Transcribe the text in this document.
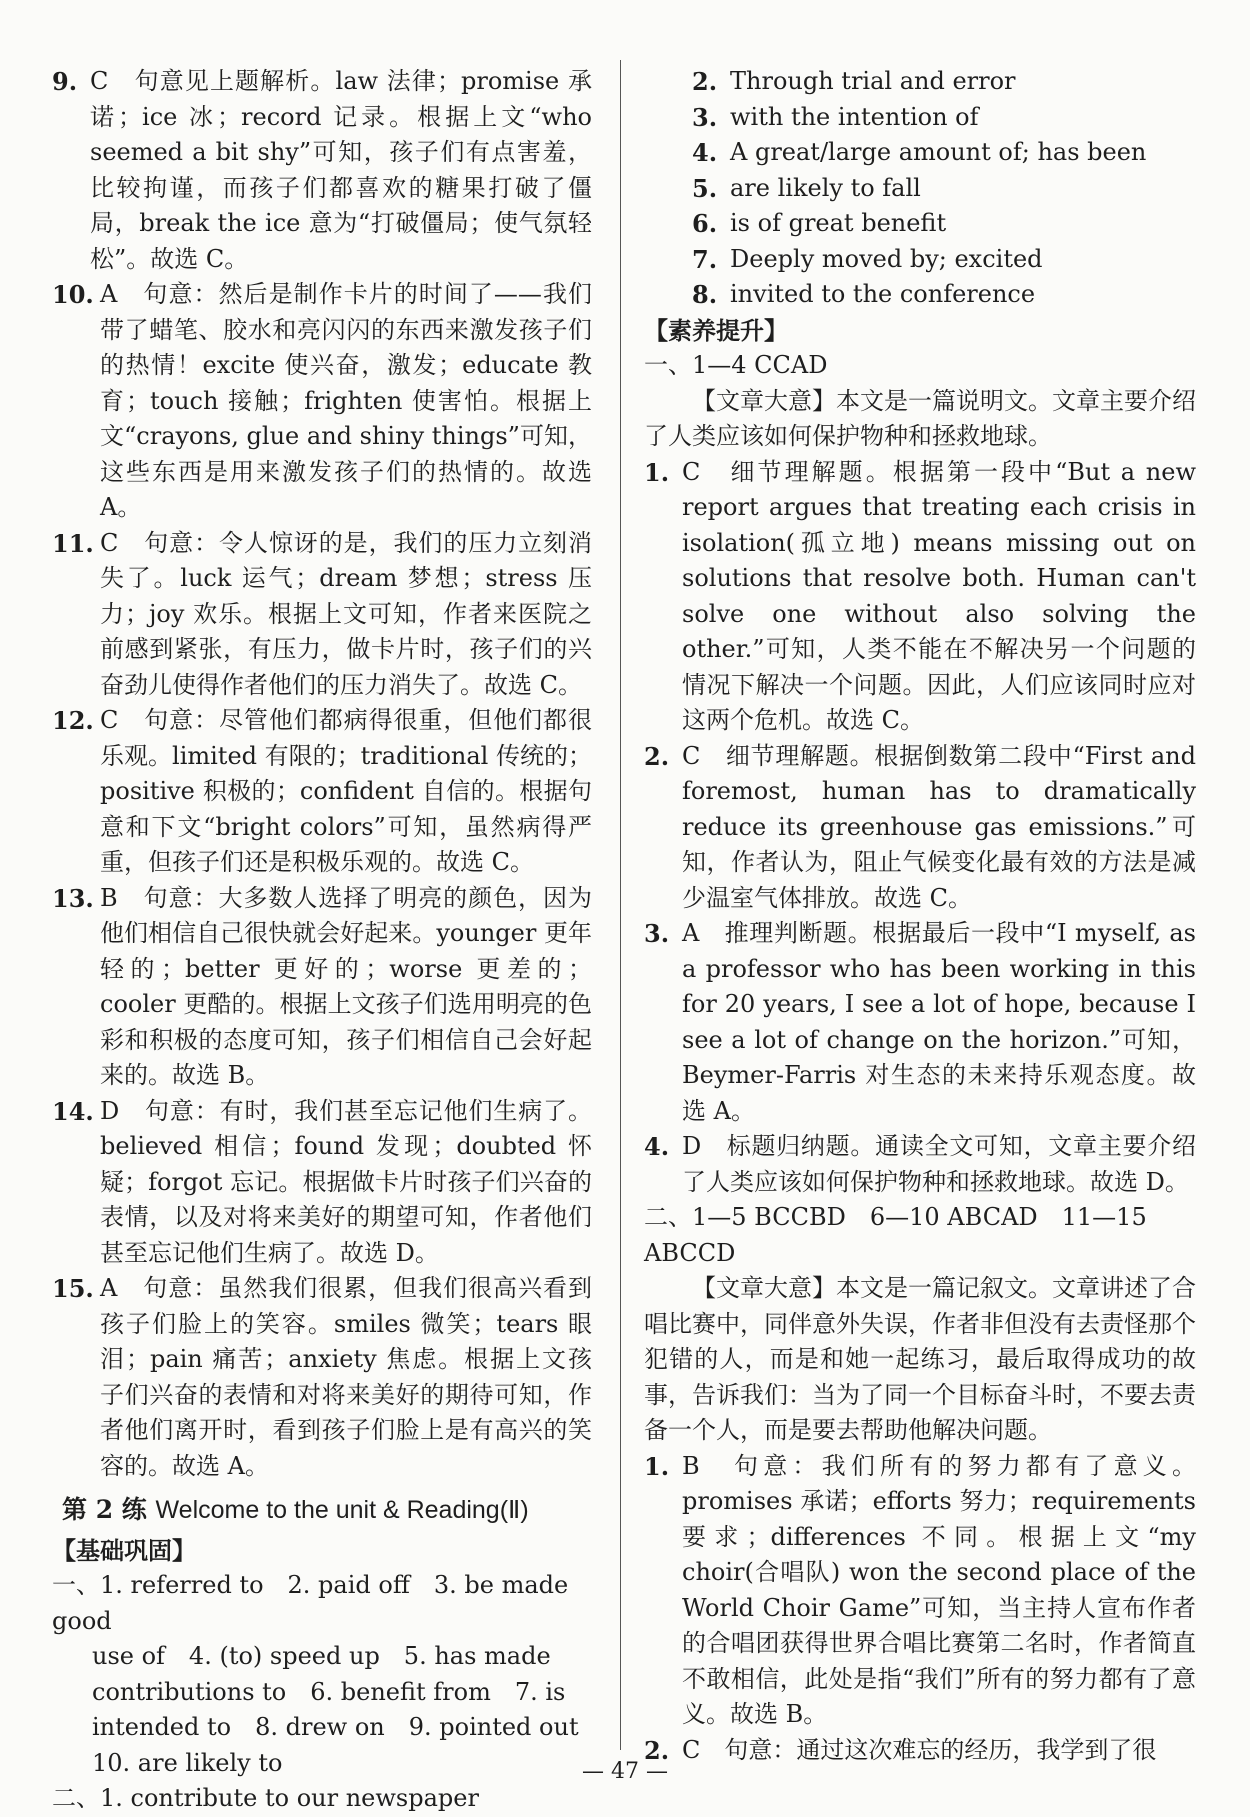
9. C　句意见上题解析。law 法律；promise 承诺；ice 冰；record 记录。根据上文“who seemed a bit shy”可知，孩子们有点害羞，比较拘谨，而孩子们都喜欢的糖果打破了僵局，break the ice 意为“打破僵局；使气氛轻松”。故选 C。
10. A　句意：然后是制作卡片的时间了——我们带了蜡笔、胶水和亮闪闪的东西来激发孩子们的热情！excite 使兴奋，激发；educate 教育；touch 接触；frighten 使害怕。根据上文“crayons, glue and shiny things”可知，这些东西是用来激发孩子们的热情的。故选 A。
11. C　句意：令人惊讶的是，我们的压力立刻消失了。luck 运气；dream 梦想；stress 压力；joy 欢乐。根据上文可知，作者来医院之前感到紧张，有压力，做卡片时，孩子们的兴奋劲儿使得作者他们的压力消失了。故选 C。
12. C　句意：尽管他们都病得很重，但他们都很乐观。limited 有限的；traditional 传统的；positive 积极的；confident 自信的。根据句意和下文“bright colors”可知，虽然病得严重，但孩子们还是积极乐观的。故选 C。
13. B　句意：大多数人选择了明亮的颜色，因为他们相信自己很快就会好起来。younger 更年轻的；better 更好的；worse 更差的；cooler 更酷的。根据上文孩子们选用明亮的色彩和积极的态度可知，孩子们相信自己会好起来的。故选 B。
14. D　句意：有时，我们甚至忘记他们生病了。believed 相信；found 发现；doubted 怀疑；forgot 忘记。根据做卡片时孩子们兴奋的表情，以及对将来美好的期望可知，作者他们甚至忘记他们生病了。故选 D。
15. A　句意：虽然我们很累，但我们很高兴看到孩子们脸上的笑容。smiles 微笑；tears 眼泪；pain 痛苦；anxiety 焦虑。根据上文孩子们兴奋的表情和对将来美好的期待可知，作者他们离开时，看到孩子们脸上是有高兴的笑容的。故选 A。
第 2 练 Welcome to the unit & Reading(Ⅱ)
【基础巩固】
一、1. referred to　2. paid off　3. be made good
use of　4. (to) speed up　5. has made
contributions to　6. benefit from　7. is
intended to　8. drew on　9. pointed out
10. are likely to
二、1. contribute to our newspaper
2. Through trial and error
3. with the intention of
4. A great/large amount of; has been
5. are likely to fall
6. is of great benefit
7. Deeply moved by; excited
8. invited to the conference
【素养提升】
一、1—4 CCAD
【文章大意】本文是一篇说明文。文章主要介绍了人类应该如何保护物种和拯救地球。
1. C　细节理解题。根据第一段中“But a new report argues that treating each crisis in isolation(孤立地) means missing out on solutions that resolve both. Human can't solve one without also solving the other.”可知，人类不能在不解决另一个问题的情况下解决一个问题。因此，人们应该同时应对这两个危机。故选 C。
2. C　细节理解题。根据倒数第二段中“First and foremost, human has to dramatically reduce its greenhouse gas emissions.”可知，作者认为，阻止气候变化最有效的方法是减少温室气体排放。故选 C。
3. A　推理判断题。根据最后一段中“I myself, as a professor who has been working in this for 20 years, I see a lot of hope, because I see a lot of change on the horizon.”可知，Beymer-Farris 对生态的未来持乐观态度。故选 A。
4. D　标题归纳题。通读全文可知，文章主要介绍了人类应该如何保护物种和拯救地球。故选 D。
二、1—5 BCCBD　6—10 ABCAD　11—15 ABCCD
【文章大意】本文是一篇记叙文。文章讲述了合唱比赛中，同伴意外失误，作者非但没有去责怪那个犯错的人，而是和她一起练习，最后取得成功的故事，告诉我们：当为了同一个目标奋斗时，不要去责备一个人，而是要去帮助他解决问题。
1. B　句意：我们所有的努力都有了意义。promises 承诺；efforts 努力；requirements 要求；differences 不同。根据上文“my choir(合唱队) won the second place of the World Choir Game”可知，当主持人宣布作者的合唱团获得世界合唱比赛第二名时，作者简直不敢相信，此处是指“我们”所有的努力都有了意义。故选 B。
2. C　句意：通过这次难忘的经历，我学到了很
— 47 —
